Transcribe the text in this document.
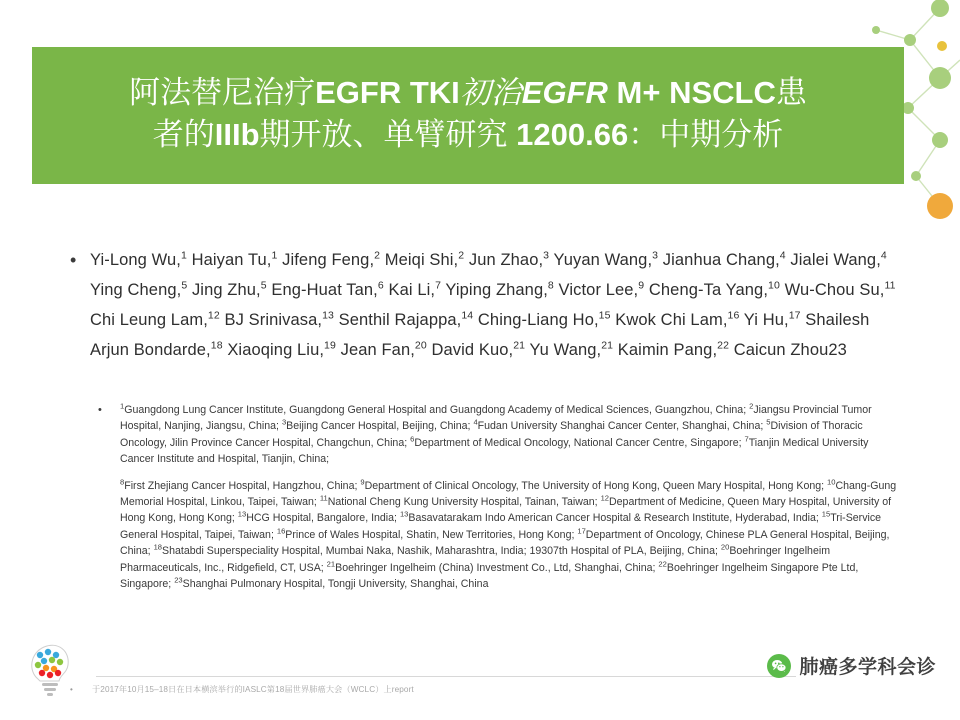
阿法替尼治疗EGFR TKI初治EGFR M+ NSCLC患
者的IIIb期开放、单臂研究 1200.66：中期分析
• Yi-Long Wu,$^1$ Haiyan Tu,$^1$ Jifeng Feng,$^2$ Meiqi Shi,$^2$ Jun Zhao,$^3$ Yuyan Wang,$^3$ Jianhua Chang,$^4$ Jialei Wang,$^4$ Ying Cheng,$^5$ Jing Zhu,$^5$ Eng-Huat Tan,$^6$ Kai Li,$^7$ Yiping Zhang,$^8$ Victor Lee,$^9$ Cheng-Ta Yang,$^{10}$ Wu-Chou Su,$^{11}$ Chi Leung Lam,$^{12}$ BJ Srinivasa,$^{13}$ Senthil Rajappa,$^{14}$ Ching-Liang Ho,$^{15}$ Kwok Chi Lam,$^{16}$ Yi Hu,$^{17}$ Shailesh Arjun Bondarde,$^{18}$ Xiaoqing Liu,$^{19}$ Jean Fan,$^{20}$ David Kuo,$^{21}$ Yu Wang,$^{21}$ Kaimin Pang,$^{22}$ Caicun Zhou23
•	$^1$Guangdong Lung Cancer Institute, Guangdong General Hospital and Guangdong Academy of Medical Sciences, Guangzhou, China; $^2$Jiangsu Provincial Tumor Hospital, Nanjing, Jiangsu, China; $^3$Beijing Cancer Hospital, Beijing, China; $^4$Fudan University Shanghai Cancer Center, Shanghai, China; $^5$Division of Thoracic Oncology, Jilin Province Cancer Hospital, Changchun, China; $^6$Department of Medical Oncology, National Cancer Centre, Singapore; $^7$Tianjin Medical University Cancer Institute and Hospital, Tianjin, China;

$^8$First Zhejiang Cancer Hospital, Hangzhou, China; $^9$Department of Clinical Oncology, The University of Hong Kong, Queen Mary Hospital, Hong Kong; $^{10}$Chang-Gung Memorial Hospital, Linkou, Taipei, Taiwan; $^{11}$National Cheng Kung University Hospital, Tainan, Taiwan; $^{12}$Department of Medicine, Queen Mary Hospital, University of Hong Kong, Hong Kong; $^{13}$HCG Hospital, Bangalore, India; $^{13}$Basavatarakam Indo American Cancer Hospital & Research Institute, Hyderabad, India; $^{15}$Tri-Service General Hospital, Taipei, Taiwan; $^{16}$Prince of Wales Hospital, Shatin, New Territories, Hong Kong; $^{17}$Department of Oncology, Chinese PLA General Hospital, Beijing, China; $^{18}$Shatabdi Superspeciality Hospital, Mumbai Naka, Nashik, Maharashtra, India; 19307th Hospital of PLA, Beijing, China; $^{20}$Boehringer Ingelheim Pharmaceuticals, Inc., Ridgefield, CT, USA; $^{21}$Boehringer Ingelheim (China) Investment Co., Ltd, Shanghai, China; $^{22}$Boehringer Ingelheim Singapore Pte Ltd, Singapore; $^{23}$Shanghai Pulmonary Hospital, Tongji University, Shanghai, China

•	于2017年10月15–18日在日本横滨举行的IASLC第18届世界肺癌大会（WCLC）上report
肺癌多学科会诊
